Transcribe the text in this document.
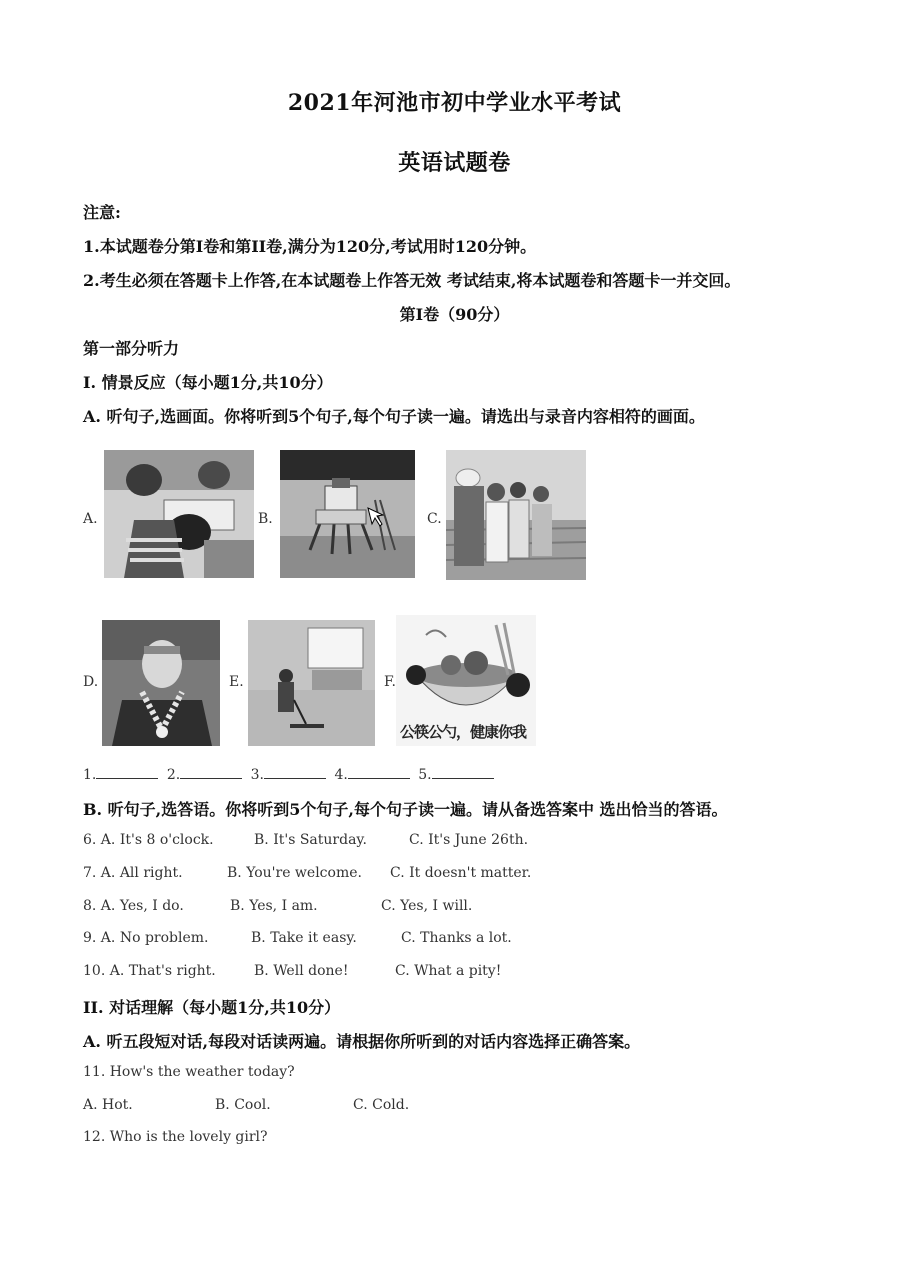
2021年河池市初中学业水平考试
英语试题卷
注意:
1.本试题卷分第I卷和第II卷,满分为120分,考试用时120分钟。
2.考生必须在答题卡上作答,在本试题卷上作答无效 考试结束,将本试题卷和答题卡一并交回。
第I卷（90分）
第一部分听力
I. 情景反应（每小题1分,共10分）
A. 听句子,选画面。你将听到5个句子,每个句子读一遍。请选出与录音内容相符的画面。
A.	B.	C.
D.	E.	F.
公筷公勺，健康你我
1.	2.	3.	4.	5.
B. 听句子,选答语。你将听到5个句子,每个句子读一遍。请从备选答案中 选出恰当的答语。
6. A. It's 8 o'clock.	B. It's Saturday.	C. It's June 26th.
7. A. All right.	B. You're welcome. C. It doesn't matter.
8. A. Yes, I do.	B. Yes, I am.	C. Yes, I will.
9. A. No problem.	B. Take it easy.	C. Thanks a lot.
10. A. That's right.	B. Well done!	C. What a pity!
II. 对话理解（每小题1分,共10分）
A. 听五段短对话,每段对话读两遍。请根据你所听到的对话内容选择正确答案。
11. How's the weather today?
A. Hot.	B. Cool.	C. Cold.
12. Who is the lovely girl?
